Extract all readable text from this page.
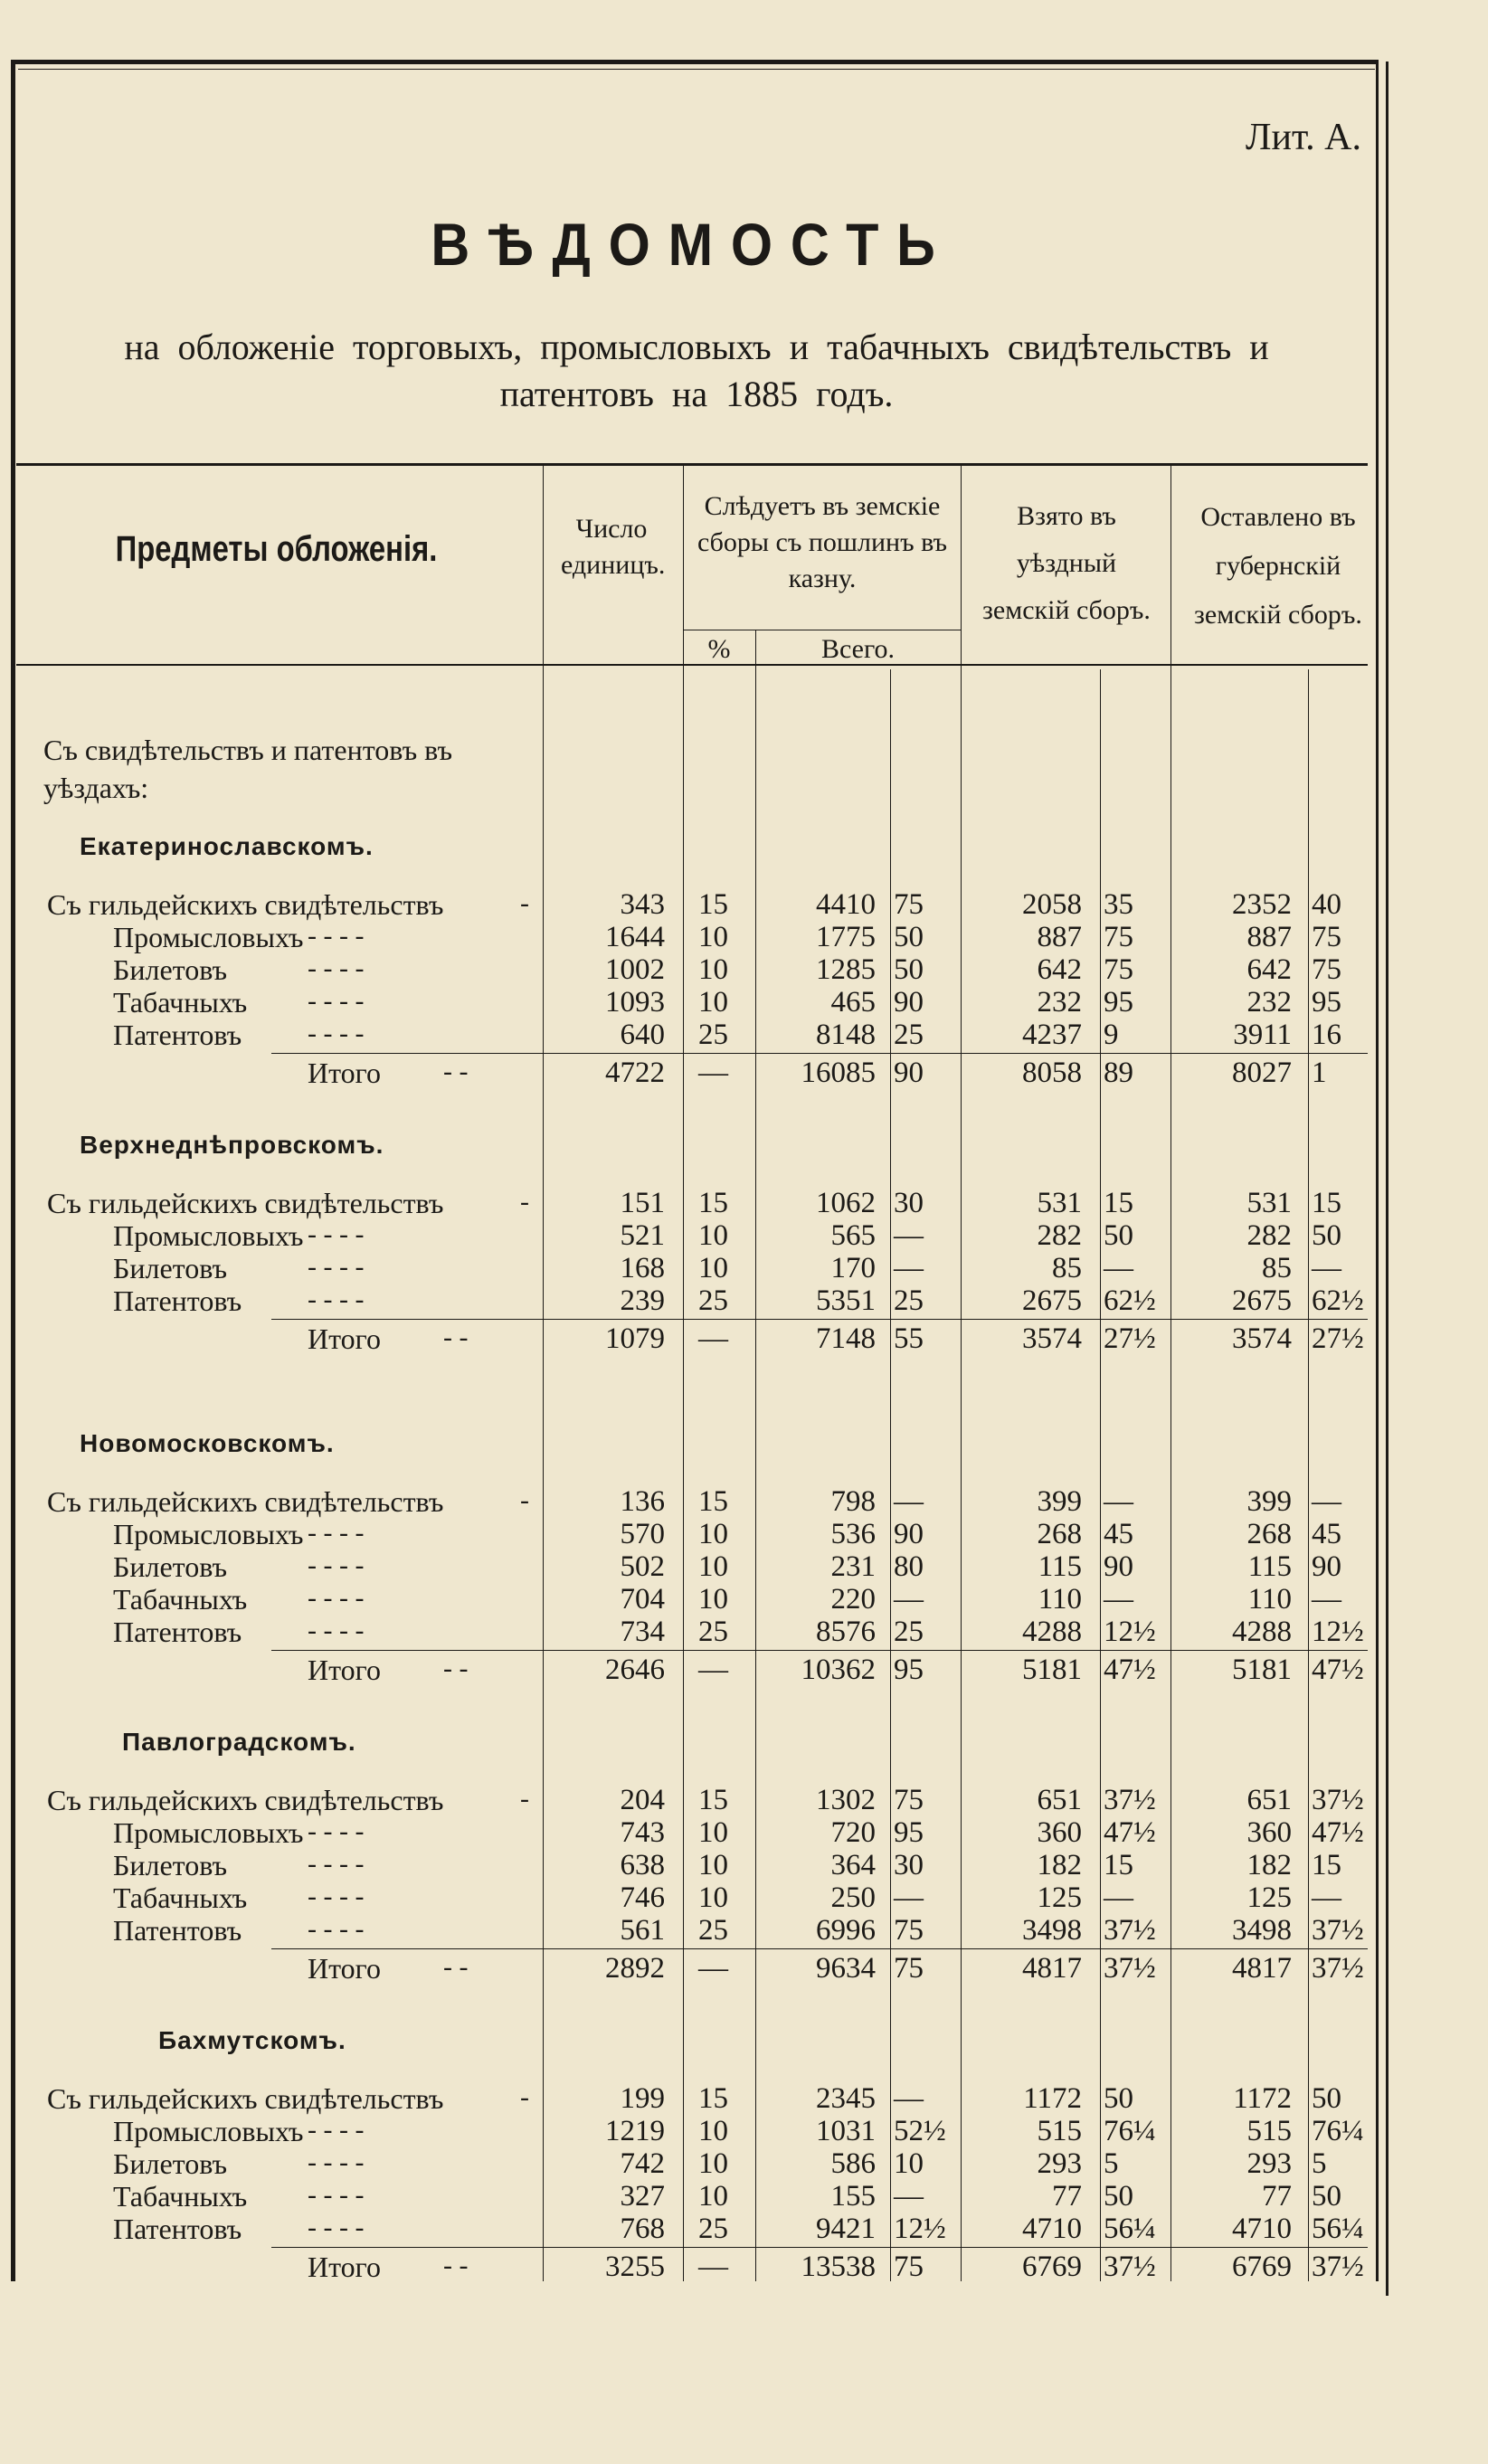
Лит. А.
ВѢДОМОСТЬ
на обложеніе торговыхъ, промысловыхъ и табачныхъ свидѣтельствъ и
патентовъ на 1885 годъ.
Предметы обложенія.
Число единицъ.
Слѣдуетъ въ земскіе сборы съ пошлинъ въ казну.
%	Всего.
Взято въ уѣздный земскій сборъ.
Оставлено въ губернскій земскій сборъ.
Съ свидѣтельствъ и патентовъ въ уѣздахъ:
Екатеринославскомъ.
Съ гильдейскихъ свидѣтельствъ	-	343 15	4410 75	2058 35	2352 40
Промысловыхъ - - - -	1644 10	1775 50	887 75	887 75
Билетовъ	- - - -	1002 10	1285 50	642 75	642 75
Табачныхъ - - - -	1093 10	465 90	232 95	232 95
Патентовъ - - - -	640 25	8148 25	4237 9	3911 16
Итого - -	4722 —	16085 90	8058 89	8027 1
Верхнеднѣпровскомъ.
Съ гильдейскихъ свидѣтельствъ	-	151 15	1062 30	531 15	531 15
Промысловыхъ - - - -	521 10	565 —	282 50	282 50
Билетовъ	- - - -	168 10	170 —	85 —	85 —
Патентовъ - - - -	239 25	5351 25	2675 62½	2675 62½
Итого - -	1079 —	7148 55	3574 27½	3574 27½
Новомосковскомъ.
Съ гильдейскихъ свидѣтельствъ	-	136 15	798 —	399 —	399 —
Промысловыхъ - - - -	570 10	536 90	268 45	268 45
Билетовъ	- - - -	502 10	231 80	115 90	115 90
Табачныхъ - - - -	704 10	220 —	110 —	110 —
Патентовъ - - - -	734 25	8576 25	4288 12½	4288 12½
Итого - -	2646 —	10362 95	5181 47½	5181 47½
Павлоградскомъ.
Съ гильдейскихъ свидѣтельствъ	-	204 15	1302 75	651 37½	651 37½
Промысловыхъ - - - -	743 10	720 95	360 47½	360 47½
Билетовъ	- - - -	638 10	364 30	182 15	182 15
Табачныхъ - - - -	746 10	250 —	125 —	125 —
Патентовъ - - - -	561 25	6996 75	3498 37½	3498 37½
Итого - -	2892 —	9634 75	4817 37½	4817 37½
Бахмутскомъ.
Съ гильдейскихъ свидѣтельствъ	-	199 15	2345 —	1172 50	1172 50
Промысловыхъ - - - -	1219 10	1031 52½	515 76¼	515 76¼
Билетовъ	- - - -	742 10	586 10	293 5	293 5
Табачныхъ - - - -	327 10	155 —	77 50	77 50
Патентовъ - - - -	768 25	9421 12½	4710 56¼	4710 56¼
Итого - -	3255 —	13538 75	6769 37½	6769 37½
